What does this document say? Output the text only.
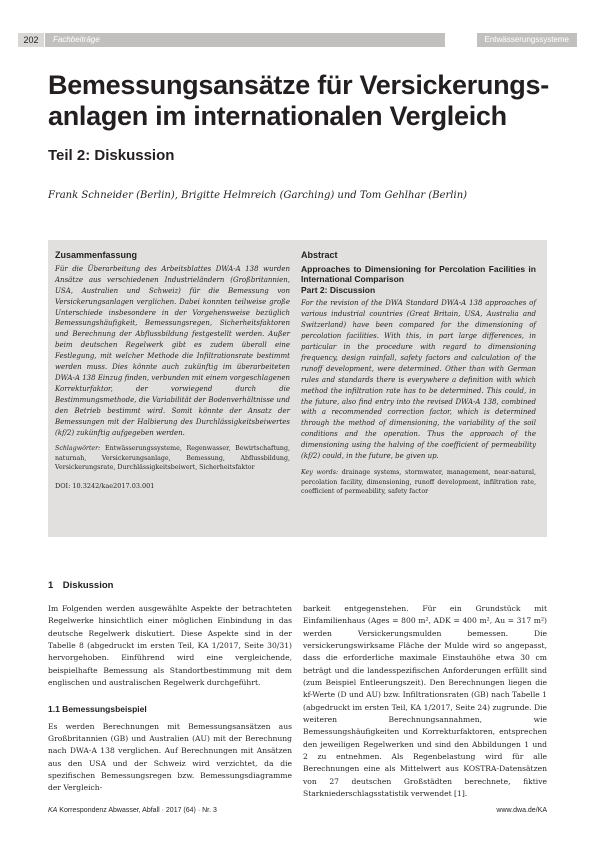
202	Fachbeiträge	Entwässerungssysteme
Bemessungsansätze für Versickerungsanlagen im internationalen Vergleich
Teil 2: Diskussion
Frank Schneider (Berlin), Brigitte Helmreich (Garching) und Tom Gehlhar (Berlin)
Zusammenfassung
Für die Überarbeitung des Arbeitsblattes DWA-A 138 wurden Ansätze aus verschiedenen Industrieländern (Großbritannien, USA, Australien und Schweiz) für die Bemessung von Versickerungsanlagen verglichen. Dabei konnten teilweise große Unterschiede insbesondere in der Vorgehensweise bezüglich Bemessungshäufigkeit, Bemessungsregen, Sicherheitsfaktoren und Berechnung der Abflussbildung festgestellt werden. Außer beim deutschen Regelwerk gibt es zudem überall eine Festlegung, mit welcher Methode die Infiltrationsrate bestimmt werden muss. Dies könnte auch zukünftig im überarbeiteten DWA-A 138 Einzug finden, verbunden mit einem vorgeschlagenen Korrekturfaktor, der vorwiegend durch die Bestimmungsmethode, die Variabilität der Bodenverhältnisse und den Betrieb bestimmt wird. Somit könnte der Ansatz der Bemessungen mit der Halbierung des Durchlässigkeitsbeiwertes (kf/2) zukünftig aufgegeben werden.
Schlagwörter: Entwässerungssysteme, Regenwasser, Bewirtschaftung, naturnah, Versickerungsanlage, Bemessung, Abflussbildung, Versickerungsrate, Durchlässigkeitsbeiwert, Sicherheitsfaktor
DOI: 10.3242/kae2017.03.001
Abstract
Approaches to Dimensioning for Percolation Facilities in International Comparison
Part 2: Discussion
For the revision of the DWA Standard DWA-A 138 approaches of various industrial countries (Great Britain, USA, Australia and Switzerland) have been compared for the dimensioning of percolation facilities. With this, in part large differences, in particular in the procedure with regard to dimensioning frequency, design rainfall, safety factors and calculation of the runoff development, were determined. Other than with German rules and standards there is everywhere a definition with which method the infiltration rate has to be determined. This could, in the future, also find entry into the revised DWA-A 138, combined with a recommended correction factor, which is determined through the method of dimensioning, the variability of the soil conditions and the operation. Thus the approach of the dimensioning using the halving of the coefficient of permeability (kf/2) could, in the future, be given up.
Key words: drainage systems, stormwater, management, near-natural, percolation facility, dimensioning, runoff development, infiltration rate, coefficient of permeability, safety factor
1 Diskussion

Im Folgenden werden ausgewählte Aspekte der betrachteten Regelwerke hinsichtlich einer möglichen Einbindung in das deutsche Regelwerk diskutiert. Diese Aspekte sind in der Tabelle 8 (abgedruckt im ersten Teil, KA 1/2017, Seite 30/31) hervorgehoben. Einführend wird eine vergleichende, beispielhafte Bemessung als Standortbestimmung mit dem englischen und australischen Regelwerk durchgeführt.

1.1 Bemessungsbeispiel

Es werden Berechnungen mit Bemessungsansätzen aus Großbritannien (GB) und Australien (AU) mit der Berechnung nach DWA-A 138 verglichen. Auf Berechnungen mit Ansätzen aus den USA und der Schweiz wird verzichtet, da die spezifischen Bemessungsregen bzw. Bemessungsdiagramme der Vergleich-

barkeit entgegenstehen. Für ein Grundstück mit Einfamilienhaus (Ages = 800 m², ADK = 400 m², Au = 317 m²) werden Versickerungsmulden bemessen. Die versickerungswirksame Fläche der Mulde wird so angepasst, dass die erforderliche maximale Einstauhöhe etwa 30 cm beträgt und die landesspezifischen Anforderungen erfüllt sind (zum Beispiel Entleerungszeit). Den Berechnungen liegen die kf-Werte (D und AU) bzw. Infiltrationsraten (GB) nach Tabelle 1 (abgedruckt im ersten Teil, KA 1/2017, Seite 24) zugrunde. Die weiteren Berechnungsannahmen, wie Bemessungshäufigkeiten und Korrekturfaktoren, entsprechen den jeweiligen Regelwerken und sind den Abbildungen 1 und 2 zu entnehmen. Als Regenbelastung wird für alle Berechnungen eine als Mittelwert aus KOSTRA-Datensätzen von 27 deutschen Großstädten berechnete, fiktive Starkniederschlagsstatistik verwendet [1].

KA Korrespondenz Abwasser, Abfall · 2017 (64) · Nr. 3	www.dwa.de/KA
